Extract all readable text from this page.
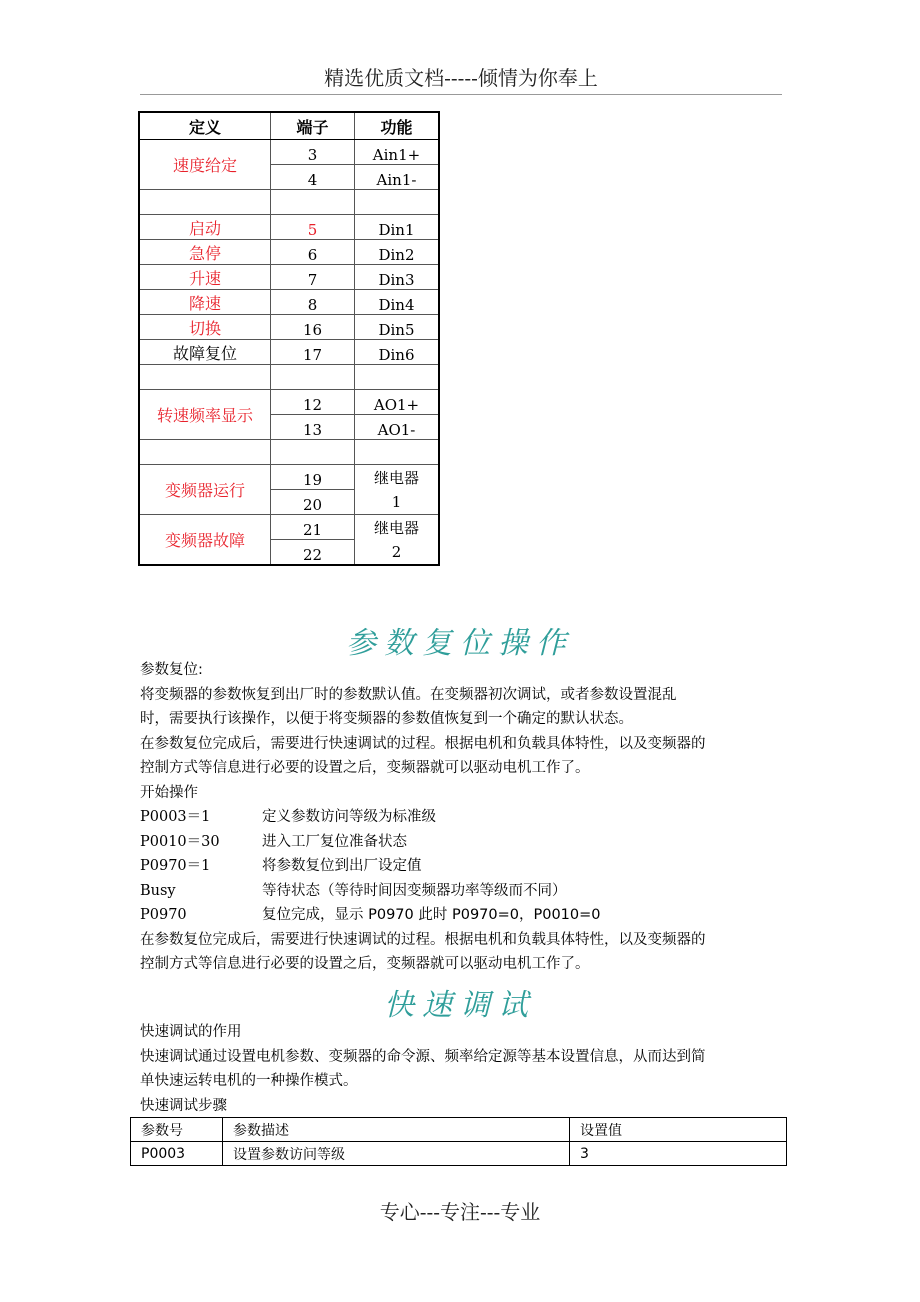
精选优质文档-----倾情为你奉上
定义	端子	功能
速度给定	3	Ain1+
	4	Ain1-

启动	5	Din1
急停	6	Din2
升速	7	Din3
降速	8	Din4
切换	16	Din5
故障复位	17	Din6

转速频率显示	12	AO1+
	13	AO1-

变频器运行	19	继电器
1

	20	
变频器故障	21	继电器
2

	22	
参数复位操作

参数复位:

将变频器的参数恢复到出厂时的参数默认值。在变频器初次调试，或者参数设置混乱

时，需要执行该操作，以便于将变频器的参数值恢复到一个确定的默认状态。

在参数复位完成后，需要进行快速调试的过程。根据电机和负载具体特性，以及变频器的

控制方式等信息进行必要的设置之后，变频器就可以驱动电机工作了。

开始操作

P0003＝1	定义参数访问等级为标准级
P0010＝30	进入工厂复位准备状态
P0970＝1	将参数复位到出厂设定值
Busy	等待状态（等待时间因变频器功率等级而不同）
P0970	复位完成，显示 P0970 此时 P0970=0，P0010=0

在参数复位完成后，需要进行快速调试的过程。根据电机和负载具体特性，以及变频器的

控制方式等信息进行必要的设置之后，变频器就可以驱动电机工作了。

快速调试

快速调试的作用

快速调试通过设置电机参数、变频器的命令源、频率给定源等基本设置信息，从而达到简

单快速运转电机的一种操作模式。

快速调试步骤

参数号	参数描述	设置值
P0003	设置参数访问等级	3
专心---专注---专业
